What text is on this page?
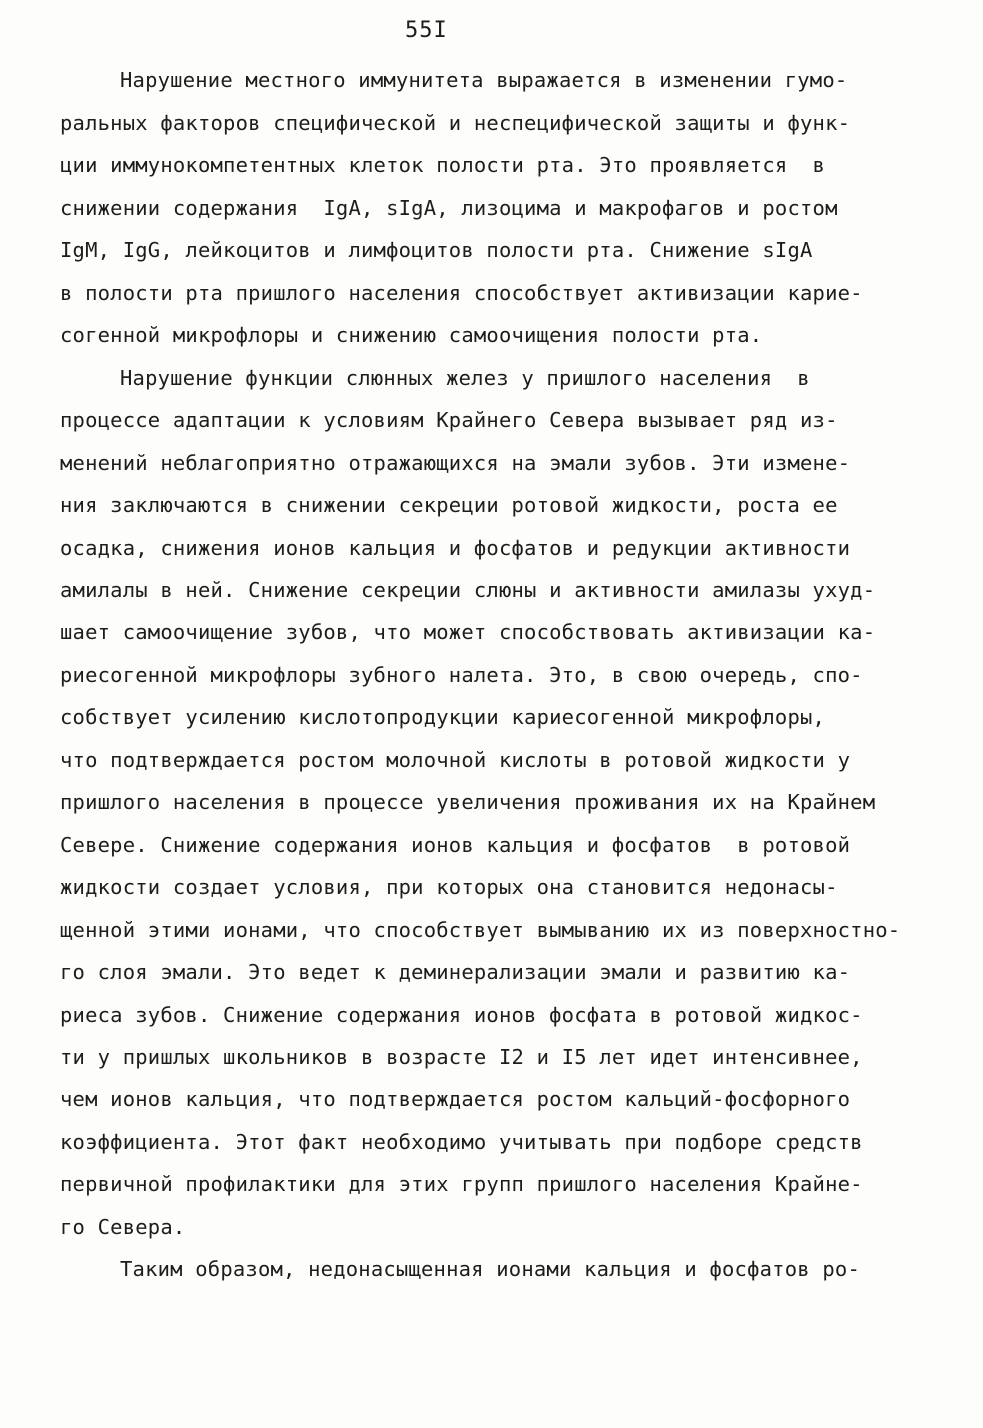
55I
Нарушение местного иммунитета выражается в изменении гумо-
ральных факторов специфической и неспецифической защиты и функ-
ции иммунокомпетентных клеток полости рта. Это проявляется  в
снижении содержания  IgA, sIgA, лизоцима и макрофагов и ростом
IgM, IgG, лейкоцитов и лимфоцитов полости рта. Снижение sIgA
в полости рта пришлого населения способствует активизации карие-
согенной микрофлоры и снижению самоочищения полости рта.
Нарушение функции слюнных желез у пришлого населения  в
процессе адаптации к условиям Крайнего Севера вызывает ряд из-
менений неблагоприятно отражающихся на эмали зубов. Эти измене-
ния заключаются в снижении секреции ротовой жидкости, роста ее
осадка, снижения ионов кальция и фосфатов и редукции активности
амилалы в ней. Снижение секреции слюны и активности амилазы ухуд-
шает самоочищение зубов, что может способствовать активизации ка-
риесогенной микрофлоры зубного налета. Это, в свою очередь, спо-
собствует усилению кислотопродукции кариесогенной микрофлоры,
что подтверждается ростом молочной кислоты в ротовой жидкости у
пришлого населения в процессе увеличения проживания их на Крайнем
Севере. Снижение содержания ионов кальция и фосфатов  в ротовой
жидкости создает условия, при которых она становится недонасы-
щенной этими ионами, что способствует вымыванию их из поверхностно-
го слоя эмали. Это ведет к деминерализации эмали и развитию ка-
риеса зубов. Снижение содержания ионов фосфата в ротовой жидкос-
ти у пришлых школьников в возрасте I2 и I5 лет идет интенсивнее,
чем ионов кальция, что подтверждается ростом кальций-фосфорного
коэффициента. Этот факт необходимо учитывать при подборе средств
первичной профилактики для этих групп пришлого населения Крайне-
го Севера.
Таким образом, недонасыщенная ионами кальция и фосфатов ро-
